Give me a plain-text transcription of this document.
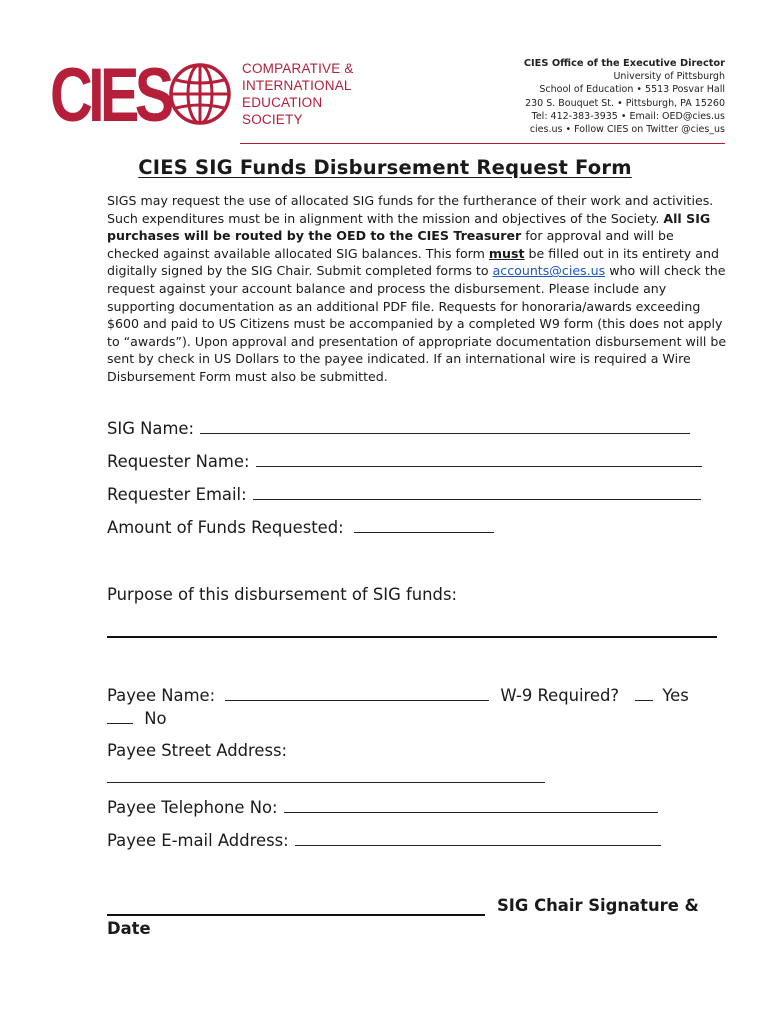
CIES	COMPARATIVE &
INTERNATIONAL
EDUCATION
SOCIETY
CIES Office of the Executive Director
University of Pittsburgh
School of Education • 5513 Posvar Hall
230 S. Bouquet St. • Pittsburgh, PA 15260
Tel: 412-383-3935 • Email: OED@cies.us
cies.us • Follow CIES on Twitter @cies_us
CIES SIG Funds Disbursement Request Form
SIGS may request the use of allocated SIG funds for the furtherance of their work and activities. Such expenditures must be in alignment with the mission and objectives of the Society. All SIG purchases will be routed by the OED to the CIES Treasurer for approval and will be checked against available allocated SIG balances. This form must be filled out in its entirety and digitally signed by the SIG Chair. Submit completed forms to accounts@cies.us who will check the request against your account balance and process the disbursement. Please include any supporting documentation as an additional PDF file. Requests for honoraria/awards exceeding $600 and paid to US Citizens must be accompanied by a completed W9 form (this does not apply to “awards”). Upon approval and presentation of appropriate documentation disbursement will be sent by check in US Dollars to the payee indicated. If an international wire is required a Wire Disbursement Form must also be submitted.
SIG Name:
Requester Name:
Requester Email:
Amount of Funds Requested:
Purpose of this disbursement of SIG funds:
Payee Name:	W-9 Required?	Yes
No
Payee Street Address:
Payee Telephone No:
Payee E-mail Address:
SIG Chair Signature &
Date
